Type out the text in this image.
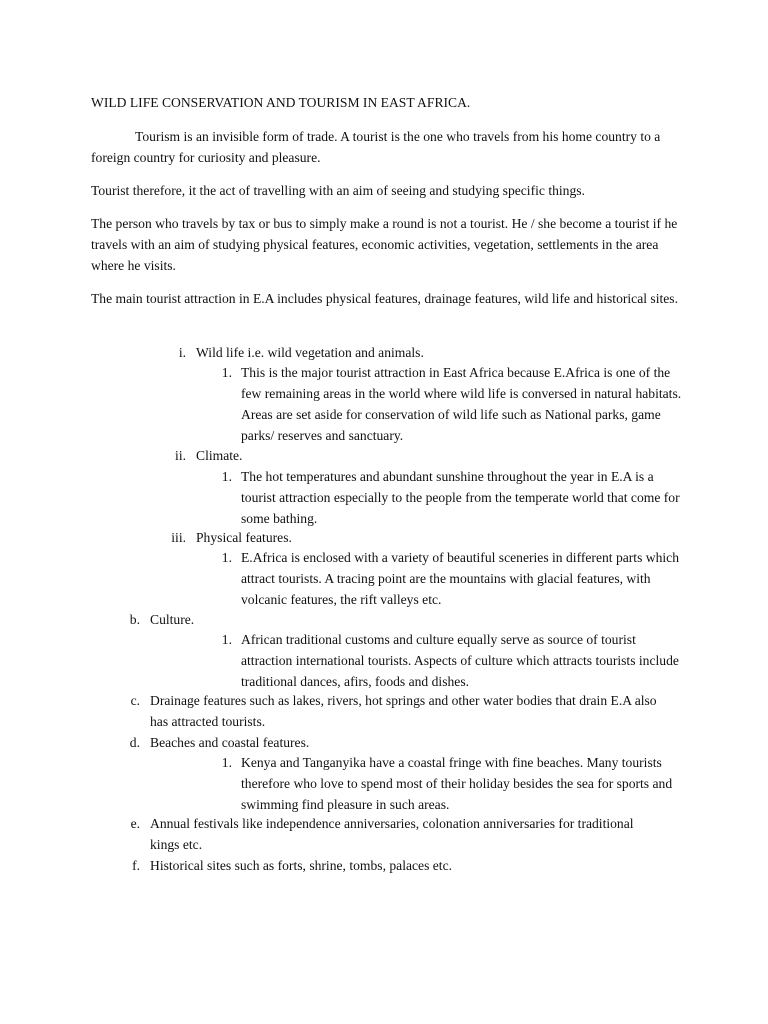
WILD LIFE CONSERVATION AND TOURISM IN EAST AFRICA.

Tourism is an invisible form of trade. A tourist is the one who travels from his home country to a foreign country for curiosity and pleasure.

Tourist therefore, it the act of travelling with an aim of seeing and studying specific things.

The person who travels by tax or bus to simply make a round is not a tourist. He / she become a tourist if he travels with an aim of studying physical features, economic activities, vegetation, settlements in the area where he visits.

The main tourist attraction in E.A includes physical features, drainage features, wild life and historical sites.

i. Wild life i.e. wild vegetation and animals.
1. This is the major tourist attraction in East Africa because E.Africa is one of the few remaining areas in the world where wild life is conversed in natural habitats. Areas are set aside for conservation of wild life such as National parks, game parks/ reserves and sanctuary.
ii. Climate.
1. The hot temperatures and abundant sunshine throughout the year in E.A is a tourist attraction especially to the people from the temperate world that come for some bathing.
iii. Physical features.
1. E.Africa is enclosed with a variety of beautiful sceneries in different parts which attract tourists. A tracing point are the mountains with glacial features, with volcanic features, the rift valleys etc.
b. Culture.
1. African traditional customs and culture equally serve as source of tourist attraction international tourists. Aspects of culture which attracts tourists include traditional dances, afirs, foods and dishes.
c. Drainage features such as lakes, rivers, hot springs and other water bodies that drain E.A also has attracted tourists.
d. Beaches and coastal features.
1. Kenya and Tanganyika have a coastal fringe with fine beaches. Many tourists therefore who love to spend most of their holiday besides the sea for sports and swimming find pleasure in such areas.
e. Annual festivals like independence anniversaries, colonation anniversaries for traditional kings etc.
f. Historical sites such as forts, shrine, tombs, palaces etc.
